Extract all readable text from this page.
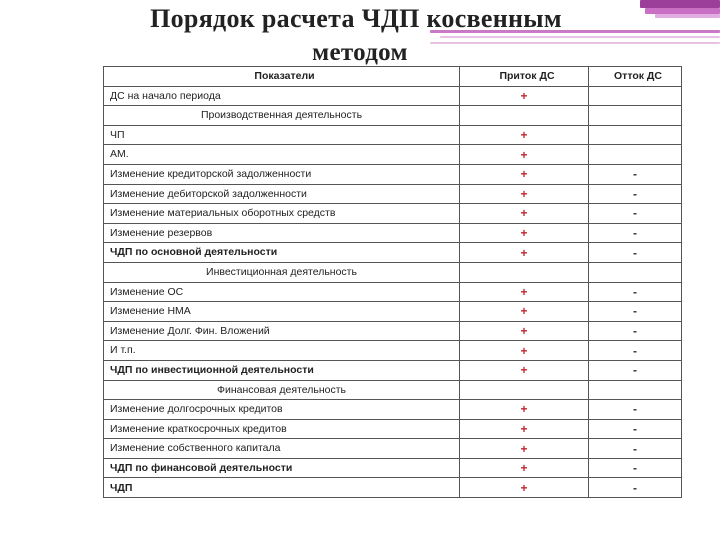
Порядок расчета ЧДП косвенным
методом
Показатели	Приток ДС	Отток ДС
ДС на начало периода	+	
Производственная деятельность		
ЧП	+	
АМ.	+	
Изменение кредиторской задолженности	+	-
Изменение дебиторской задолженности	+	-
Изменение материальных оборотных средств	+	-
Изменение резервов	+	-
ЧДП по основной деятельности	+	-
Инвестиционная деятельность		
Изменение ОС	+	-
Изменение НМА	+	-
Изменение Долг. Фин. Вложений	+	-
И т.п.	+	-
ЧДП по инвестиционной деятельности	+	-
Финансовая деятельность		
Изменение долгосрочных кредитов	+	-
Изменение краткосрочных кредитов	+	-
Изменение собственного капитала	+	-
ЧДП по финансовой деятельности	+	-
ЧДП	+	-
